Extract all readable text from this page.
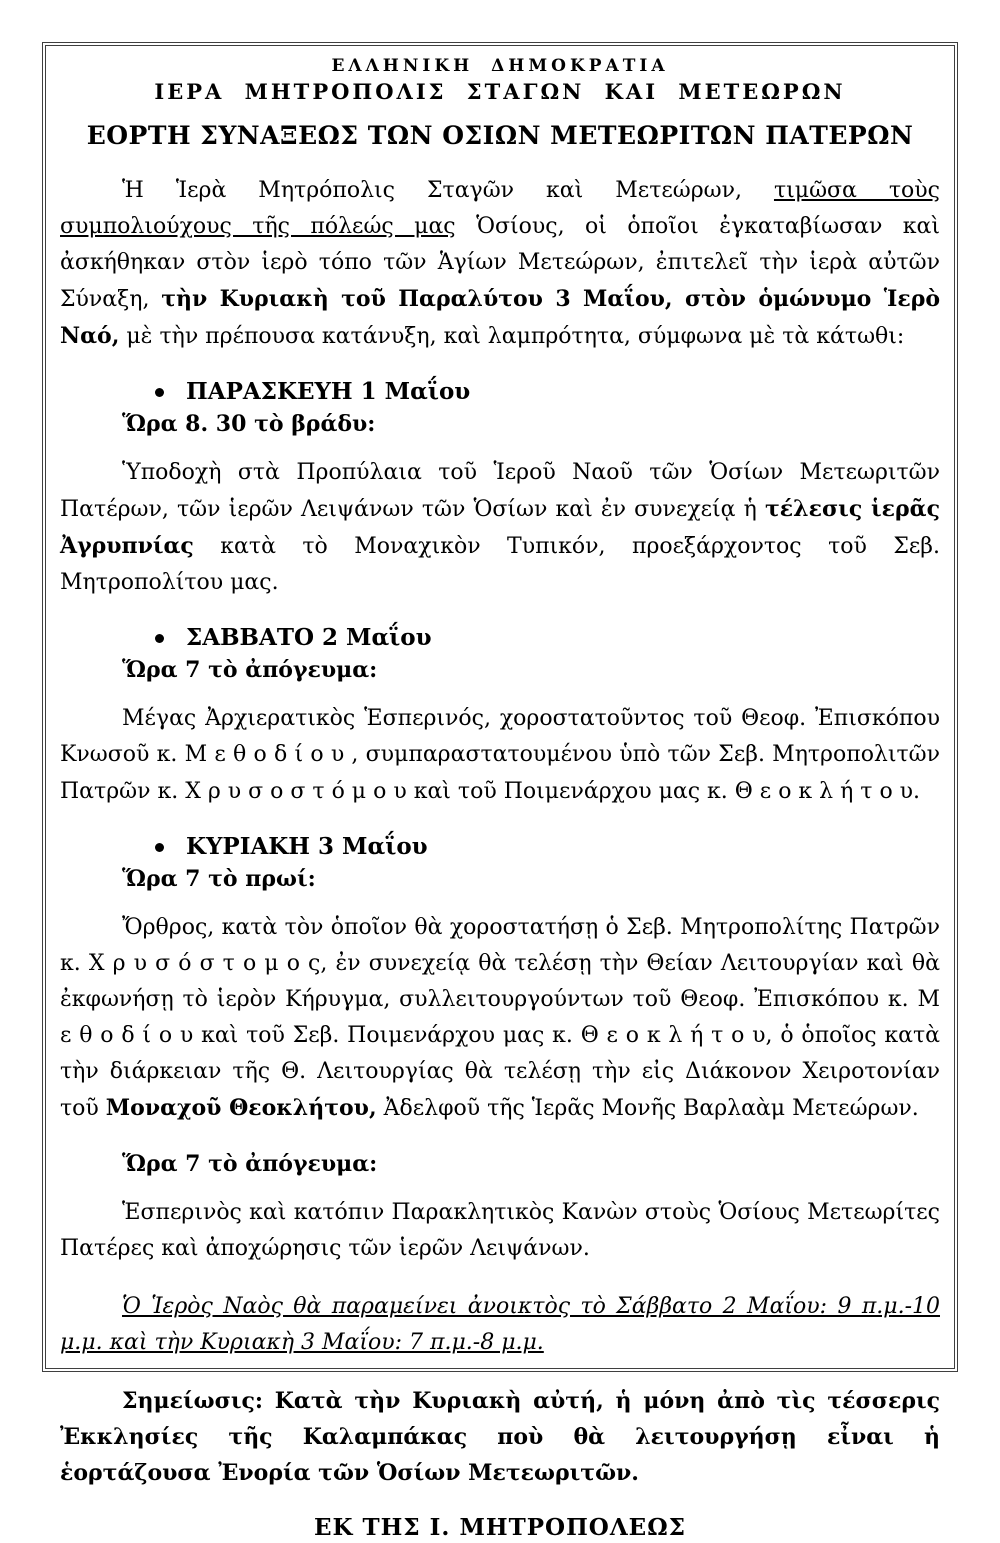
ΕΛΛΗΝΙΚΗ ΔΗΜΟΚΡΑΤΙΑ
ΙΕΡΑ ΜΗΤΡΟΠΟΛΙΣ ΣΤΑΓΩΝ ΚΑΙ ΜΕΤΕΩΡΩΝ
ΕΟΡΤΗ ΣΥΝΑΞΕΩΣ ΤΩΝ ΟΣΙΩΝ ΜΕΤΕΩΡΙΤΩΝ ΠΑΤΕΡΩΝ

Ἡ Ἱερὰ Μητρόπολις Σταγῶν καὶ Μετεώρων, τιμῶσα τοὺς συμπολιούχους τῆς πόλεώς μας Ὁσίους, οἱ ὁποῖοι ἐγκαταβίωσαν καὶ ἀσκήθηκαν στὸν ἱερὸ τόπο τῶν Ἁγίων Μετεώρων, ἐπιτελεῖ τὴν ἱερὰ αὐτῶν Σύναξη, τὴν Κυριακὴ τοῦ Παραλύτου 3 Μαΐου, στὸν ὁμώνυμο Ἱερὸ Ναό, μὲ τὴν πρέπουσα κατάνυξη, καὶ λαμπρότητα, σύμφωνα μὲ τὰ κάτωθι:

ΠΑΡΑΣΚΕΥΗ 1 Μαΐου
Ὥρα 8. 30 τὸ βράδυ:

Ὑποδοχὴ στὰ Προπύλαια τοῦ Ἱεροῦ Ναοῦ τῶν Ὁσίων Μετεωριτῶν Πατέρων, τῶν ἱερῶν Λειψάνων τῶν Ὁσίων καὶ ἐν συνεχείᾳ ἡ τέλεσις ἱερᾶς Ἀγρυπνίας κατὰ τὸ Μοναχικὸν Τυπικόν, προεξάρχοντος τοῦ Σεβ. Μητροπολίτου μας.

ΣΑΒΒΑΤΟ 2 Μαΐου
Ὥρα 7 τὸ ἀπόγευμα:

Μέγας Ἀρχιερατικὸς Ἑσπερινός, χοροστατοῦντος τοῦ Θεοφ. Ἐπισκόπου Κνωσοῦ κ. Μ ε θ ο δ ί ο υ , συμπαραστατουμένου ὑπὸ τῶν Σεβ. Μητροπολιτῶν Πατρῶν κ. Χ ρ υ σ ο σ τ ό μ ο υ καὶ τοῦ Ποιμενάρχου μας κ. Θ ε ο κ λ ή τ ο υ.

ΚΥΡΙΑΚΗ 3 Μαΐου
Ὥρα 7 τὸ πρωί:

Ὄρθρος, κατὰ τὸν ὁποῖον θὰ χοροστατήσῃ ὁ Σεβ. Μητροπολίτης Πατρῶν κ. Χ ρ υ σ ό σ τ ο μ ο ς, ἐν συνεχείᾳ θὰ τελέσῃ τὴν Θείαν Λειτουργίαν καὶ θὰ ἐκφωνήσῃ τὸ ἱερὸν Κήρυγμα, συλλειτουργούντων τοῦ Θεοφ. Ἐπισκόπου κ. Μ ε θ ο δ ί ο υ καὶ τοῦ Σεβ. Ποιμενάρχου μας κ. Θ ε ο κ λ ή τ ο υ, ὁ ὁποῖος κατὰ τὴν διάρκειαν τῆς Θ. Λειτουργίας θὰ τελέσῃ τὴν εἰς Διάκονον Χειροτονίαν τοῦ Μοναχοῦ Θεοκλήτου, Ἀδελφοῦ τῆς Ἱερᾶς Μονῆς Βαρλαὰμ Μετεώρων.

Ὥρα 7 τὸ ἀπόγευμα:

Ἑσπερινὸς καὶ κατόπιν Παρακλητικὸς Κανὼν στοὺς Ὁσίους Μετεωρίτες Πατέρες καὶ ἀποχώρησις τῶν ἱερῶν Λειψάνων.

Ὁ Ἱερὸς Ναὸς θὰ παραμείνει ἀνοικτὸς τὸ Σάββατο 2 Μαΐου: 9 π.μ.-10 μ.μ. καὶ τὴν Κυριακὴ 3 Μαΐου: 7 π.μ.-8 μ.μ.

Σημείωσις: Κατὰ τὴν Κυριακὴ αὐτή, ἡ μόνη ἀπὸ τὶς τέσσερις Ἐκκλησίες τῆς Καλαμπάκας ποὺ θὰ λειτουργήσῃ εἶναι ἡ ἑορτάζουσα Ἐνορία τῶν Ὁσίων Μετεωριτῶν.

ΕΚ ΤΗΣ Ι. ΜΗΤΡΟΠΟΛΕΩΣ
